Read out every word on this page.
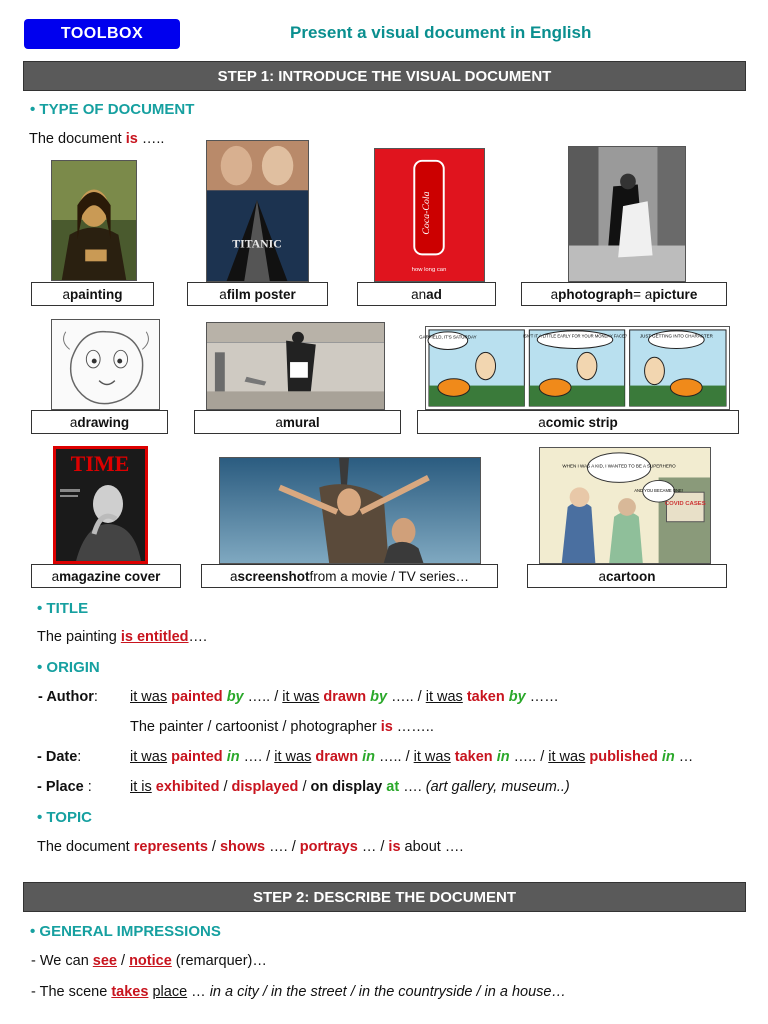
TOOLBOX	Present a visual document in English
STEP 1: INTRODUCE THE VISUAL DOCUMENT
• TYPE OF DOCUMENT
The document is …..
TITANIC
Coca-Cola
how long can
a painting	a film poster	an ad	a photograph = a picture
GARFIELD, IT'S SATURDAY	ISN'T IT A LITTLE EARLY FOR YOUR MONDAY FACE?	JUST GETTING INTO CHARACTER
a drawing	a mural	a comic strip
TIME
COVID CASES
WHEN I WAS A KID, I WANTED TO BE A SUPERHERO
AND YOU BECAME ONE!
a magazine cover	a screenshot from a movie / TV series…	a cartoon
• TITLE
The painting is entitled….
• ORIGIN
- Author: it was painted by ….. / it was drawn by ….. / it was taken by ……
The painter / cartoonist / photographer is ……..
- Date:	it was painted in …. / it was drawn in ….. / it was taken in ….. / it was published in …
- Place :	it is exhibited / displayed / on display at …. (art gallery, museum..)
• TOPIC
The document represents / shows …. / portrays … / is about ….
STEP 2: DESCRIBE THE DOCUMENT
• GENERAL IMPRESSIONS
- We can see / notice (remarquer)…
- The scene takes place … in a city / in the street / in the countryside / in a house…
